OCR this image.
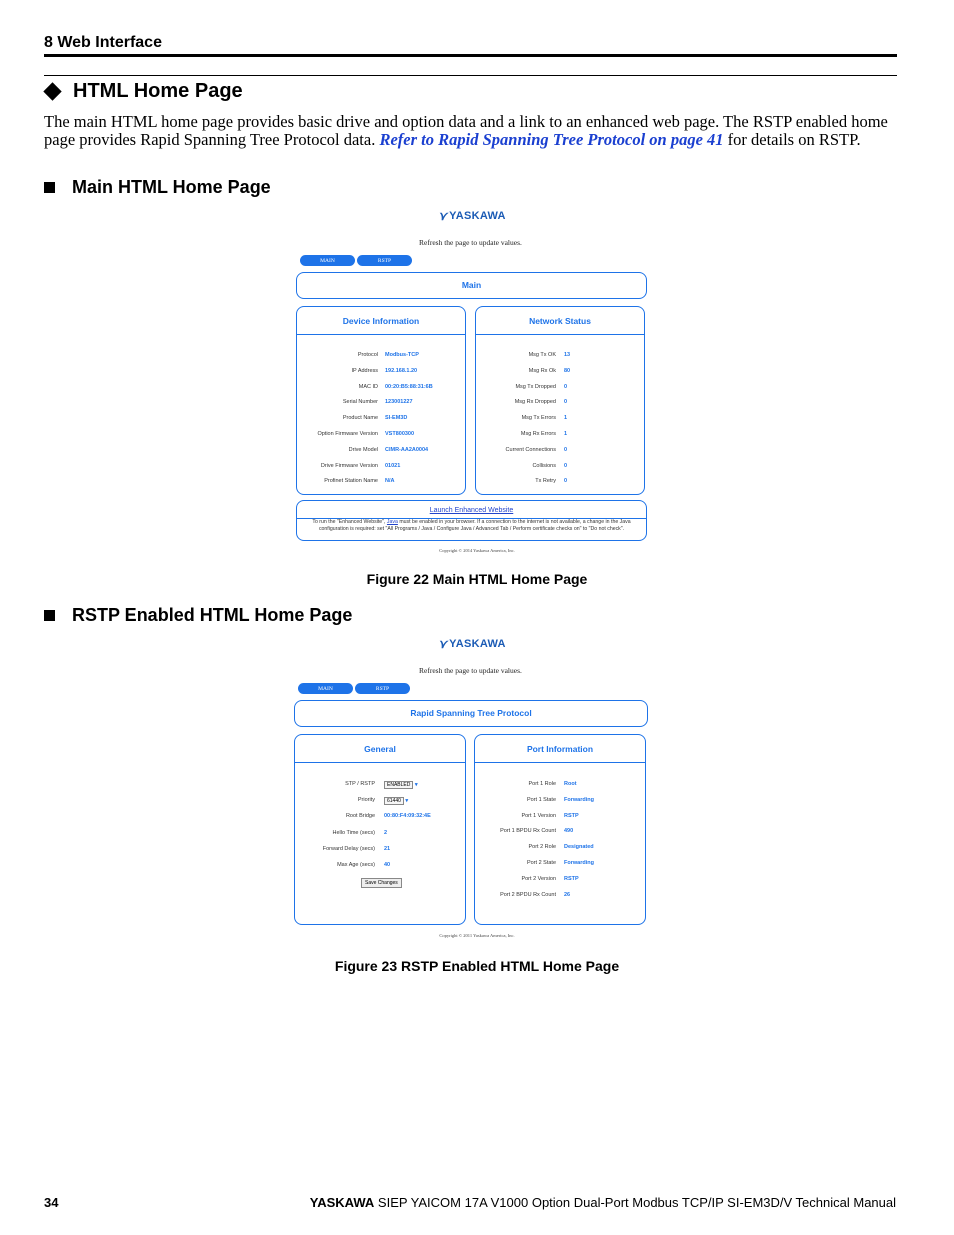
8 Web Interface
HTML Home Page
The main HTML home page provides basic drive and option data and a link to an enhanced web page. The RSTP enabled home page provides Rapid Spanning Tree Protocol data. Refer to Rapid Spanning Tree Protocol on page 41 for details on RSTP.
Main HTML Home Page
⋎ YASKAWA
Refresh the page to update values.
MAIN	RSTP
Main
Device Information
Protocol Modbus-TCP
IP Address 192.168.1.20
MAC ID 00:20:B5:88:31:6B
Serial Number 123001227
Product Name SI-EM3D
Option Firmware Version VST800300
Drive Model CIMR-AA2A0004
Drive Firmware Version 01021
Profinet Station Name N/A
Network Status
Msg Tx OK 13
Msg Rx Ok 80
Msg Tx Dropped 0
Msg Rx Dropped 0
Msg Tx Errors 1
Msg Rx Errors 1
Current Connections 0
Collisions 0
Tx Retry 0
Launch Enhanced Website
To run the "Enhanced Website", Java must be enabled in your browser. If a connection to the internet is not available, a change in the Java configuration is required: set "All Programs / Java / Configure Java / Advanced Tab / Perform certificate checks on" to "Do not check".
Copyright © 2014 Yaskawa America, Inc.
Figure 22 Main HTML Home Page
RSTP Enabled HTML Home Page
⋎ YASKAWA
Refresh the page to update values.
MAIN	RSTP
Rapid Spanning Tree Protocol
General
STP / RSTP	ENABLED ▾
Priority	61440 ▾
Root Bridge 00:80:F4:09:32:4E
Hello Time (secs) 2
Forward Delay (secs) 21
Max Age (secs) 40
Save Changes
Port Information
Port 1 Role Root
Port 1 State Forwarding
Port 1 Version RSTP
Port 1 BPDU Rx Count 490
Port 2 Role Designated
Port 2 State Forwarding
Port 2 Version RSTP
Port 2 BPDU Rx Count 26
Copyright © 2011 Yaskawa America, Inc.
Figure 23 RSTP Enabled HTML Home Page
34	YASKAWA SIEP YAICOM 17A V1000 Option Dual-Port Modbus TCP/IP SI-EM3D/V Technical Manual
